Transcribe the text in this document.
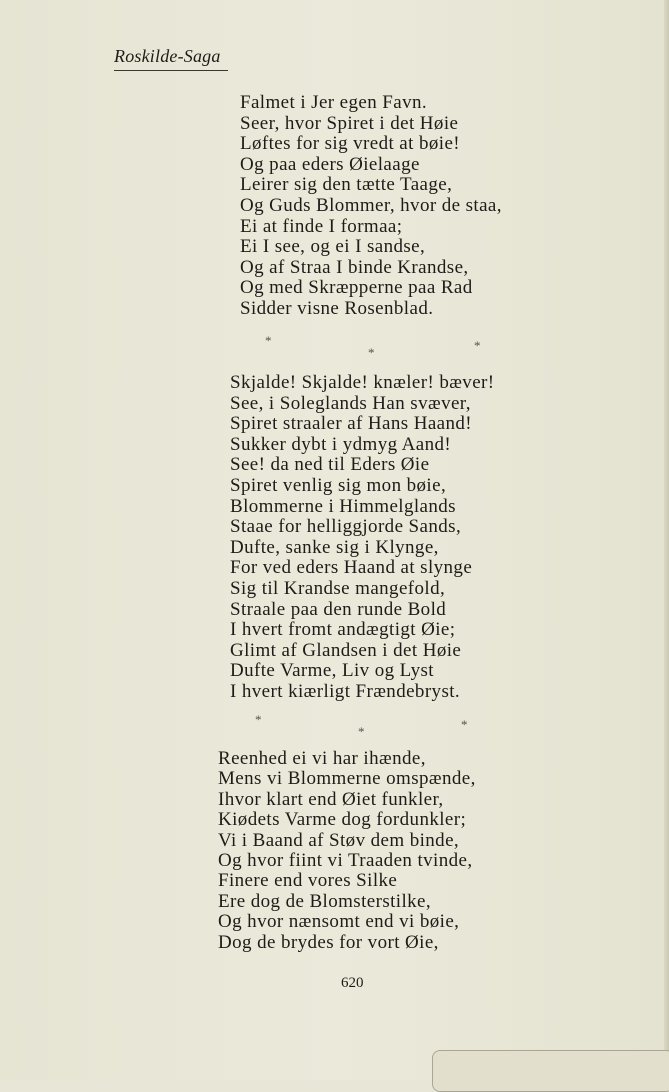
Roskilde-Saga
Falmet i Jer egen Favn.
Seer, hvor Spiret i det Høie
Løftes for sig vredt at bøie!
Og paa eders Øielaage
Leirer sig den tætte Taage,
Og Guds Blommer, hvor de staa,
Ei at finde I formaa;
Ei I see, og ei I sandse,
Og af Straa I binde Krandse,
Og med Skræpperne paa Rad
Sidder visne Rosenblad.
*
*	*
Skjalde! Skjalde! knæler! bæver!
See, i Soleglands Han svæver,
Spiret straaler af Hans Haand!
Sukker dybt i ydmyg Aand!
See! da ned til Eders Øie
Spiret venlig sig mon bøie,
Blommerne i Himmelglands
Staae for helliggjorde Sands,
Dufte, sanke sig i Klynge,
For ved eders Haand at slynge
Sig til Krandse mangefold,
Straale paa den runde Bold
I hvert fromt andægtigt Øie;
Glimt af Glandsen i det Høie
Dufte Varme, Liv og Lyst
I hvert kiærligt Frændebryst.
*
*	*
Reenhed ei vi har ihænde,
Mens vi Blommerne omspænde,
Ihvor klart end Øiet funkler,
Kiødets Varme dog fordunkler;
Vi i Baand af Støv dem binde,
Og hvor fiint vi Traaden tvinde,
Finere end vores Silke
Ere dog de Blomsterstilke,
Og hvor nænsomt end vi bøie,
Dog de brydes for vort Øie,
620
